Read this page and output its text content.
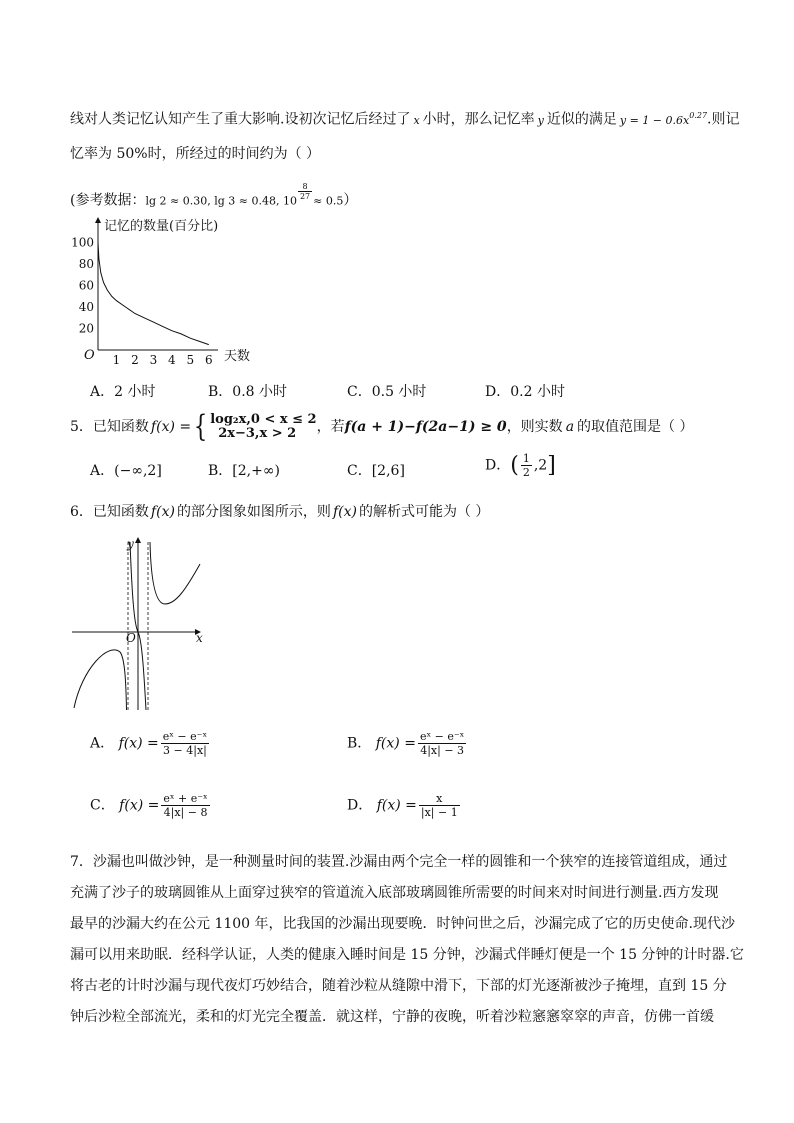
线对人类记忆认知产生了重大影响.设初次记忆后经过了 x 小时，那么记忆率 y 近似的满足 $y = 1 - 0.6x^{0.27}$.则记
忆率为 50%时，所经过的时间约为（ ）
(参考数据：lg 2 ≈ 0.30, lg 3 ≈ 0.48, 10
$\frac{8}{27}$
≈ 0.5）
记忆的数量(百分比)
O	天数
20
40
60
80
100
1 2 3 4 5 6
A．2 小时	B．0.8 小时	C．0.5 小时	D．0.2 小时
5．已知函数 f(x) ={ log₂x,0 < x ≤ 2
2x−3,x > 2	，若f(a + 1)−f(2a−1) ≥ 0，则实数 a 的取值范围是（ ）
A．(−∞,2]	B．[2,+∞)	C．[2,6]	D．( $\frac{1}{2} ,2$]
6．已知函数 f(x) 的部分图象如图所示，则 f(x) 的解析式可能为（ ）
x
y
O
A． $f(x) = \frac{\text{eˣ − e⁻ˣ}}{3 - 4|x|}$	B． $f(x) = \frac{\text{eˣ − e⁻ˣ}}{4|x| - 3}$
C． $f(x) = \frac{\text{eˣ + e⁻ˣ}}{4|x| - 8}$	D． $f(x) = \frac{x}{|x| - 1}$
7．沙漏也叫做沙钟，是一种测量时间的装置.沙漏由两个完全一样的圆锥和一个狭窄的连接管道组成，通过
充满了沙子的玻璃圆锥从上面穿过狭窄的管道流入底部玻璃圆锥所需要的时间来对时间进行测量.西方发现
最早的沙漏大约在公元 1100 年，比我国的沙漏出现要晚．时钟问世之后，沙漏完成了它的历史使命.现代沙
漏可以用来助眠．经科学认证，人类的健康入睡时间是 15 分钟，沙漏式伴睡灯便是一个 15 分钟的计时器.它
将古老的计时沙漏与现代夜灯巧妙结合，随着沙粒从缝隙中滑下，下部的灯光逐渐被沙子掩埋，直到 15 分
钟后沙粒全部流光，柔和的灯光完全覆盖．就这样，宁静的夜晚，听着沙粒窸窸窣窣的声音，仿佛一首缓
